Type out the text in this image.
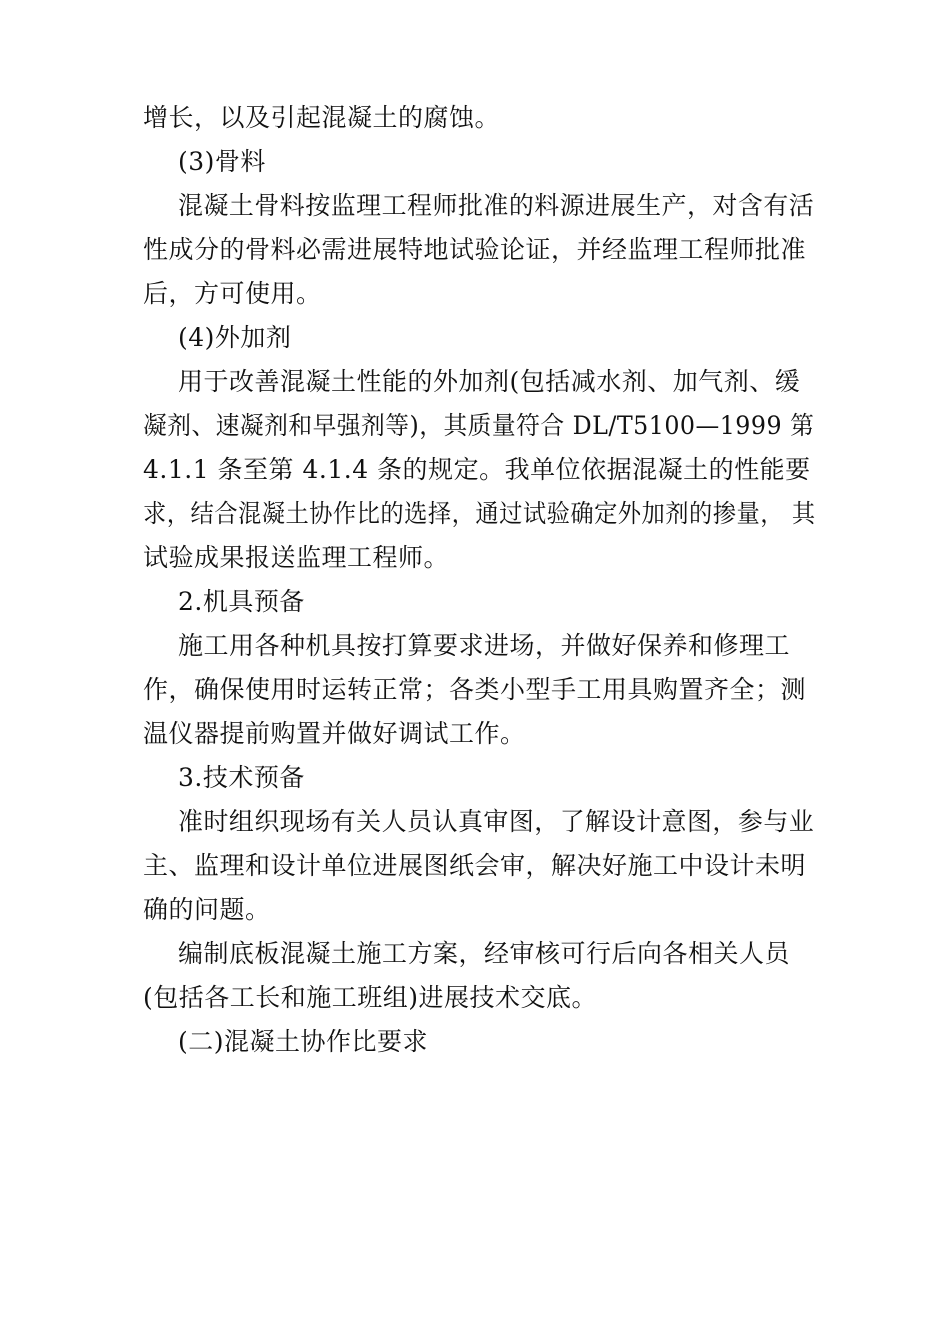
增长，以及引起混凝土的腐蚀。
(3)骨料
混凝土骨料按监理工程师批准的料源进展生产，对含有活
性成分的骨料必需进展特地试验论证，并经监理工程师批准
后，方可使用。
(4)外加剂
用于改善混凝土性能的外加剂(包括减水剂、加气剂、缓
凝剂、速凝剂和早强剂等)，其质量符合 DL/T5100—1999 第
4.1.1 条至第 4.1.4 条的规定。我单位依据混凝土的性能要
求，结合混凝土协作比的选择，通过试验确定外加剂的掺量， 其
试验成果报送监理工程师。
2.机具预备
施工用各种机具按打算要求进场，并做好保养和修理工
作，确保使用时运转正常；各类小型手工用具购置齐全；测
温仪器提前购置并做好调试工作。
3.技术预备
准时组织现场有关人员认真审图，了解设计意图，参与业
主、监理和设计单位进展图纸会审，解决好施工中设计未明
确的问题。
编制底板混凝土施工方案，经审核可行后向各相关人员
(包括各工长和施工班组)进展技术交底。
(二)混凝土协作比要求
